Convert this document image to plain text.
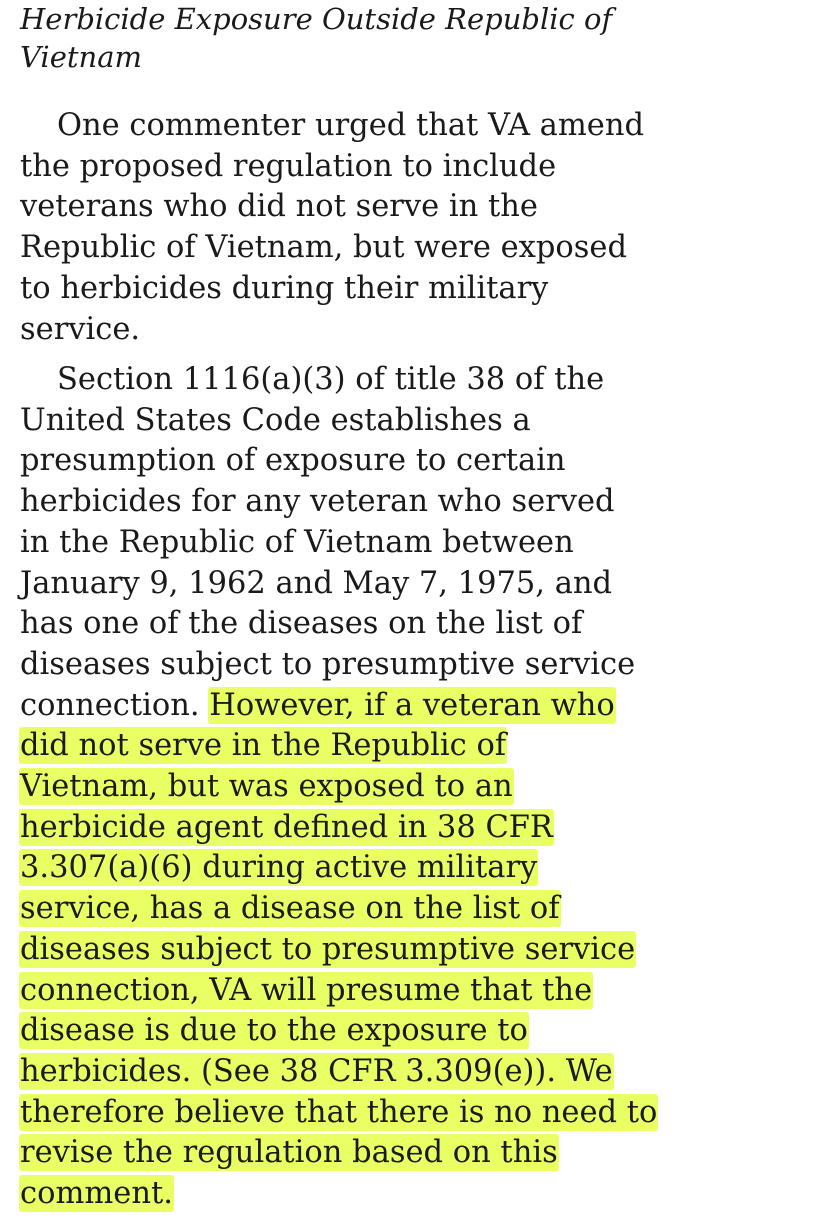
Herbicide Exposure Outside Republic of
Vietnam

One commenter urged that VA amend
the proposed regulation to include
veterans who did not serve in the
Republic of Vietnam, but were exposed
to herbicides during their military
service.

Section 1116(a)(3) of title 38 of the
United States Code establishes a
presumption of exposure to certain
herbicides for any veteran who served
in the Republic of Vietnam between
January 9, 1962 and May 7, 1975, and
has one of the diseases on the list of
diseases subject to presumptive service
connection. However, if a veteran who
did not serve in the Republic of
Vietnam, but was exposed to an
herbicide agent defined in 38 CFR
3.307(a)(6) during active military
service, has a disease on the list of
diseases subject to presumptive service
connection, VA will presume that the
disease is due to the exposure to
herbicides. (See 38 CFR 3.309(e)). We
therefore believe that there is no need to
revise the regulation based on this
comment.
